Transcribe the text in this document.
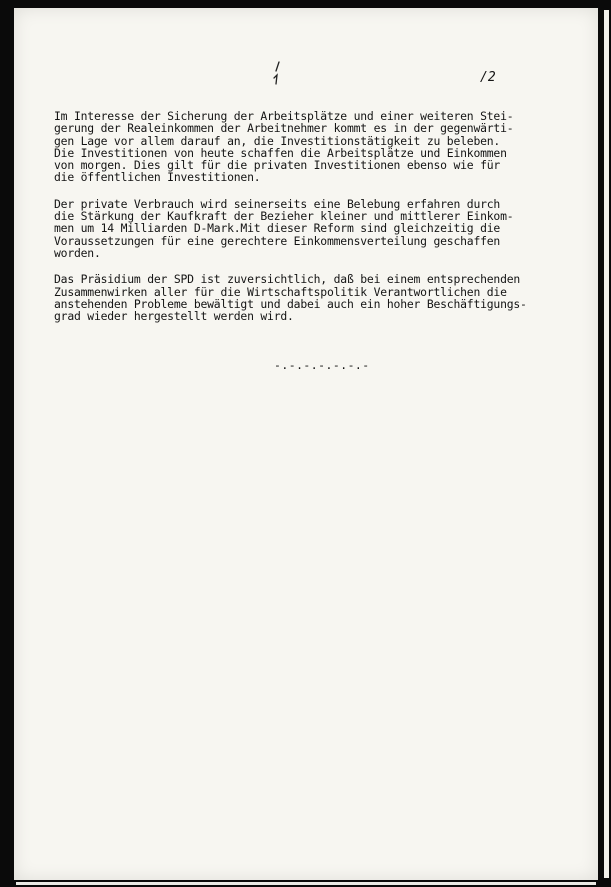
/2
Im Interesse der Sicherung der Arbeitsplätze und einer weiteren Stei-
gerung der Realeinkommen der Arbeitnehmer kommt es in der gegenwärti-
gen Lage vor allem darauf an, die Investitionstätigkeit zu beleben.
Die Investitionen von heute schaffen die Arbeitsplätze und Einkommen
von morgen. Dies gilt für die privaten Investitionen ebenso wie für
die öffentlichen Investitionen.
Der private Verbrauch wird seinerseits eine Belebung erfahren durch
die Stärkung der Kaufkraft der Bezieher kleiner und mittlerer Einkom-
men um 14 Milliarden D-Mark.Mit dieser Reform sind gleichzeitig die
Voraussetzungen für eine gerechtere Einkommensverteilung geschaffen
worden.
Das Präsidium der SPD ist zuversichtlich, daß bei einem entsprechenden
Zusammenwirken aller für die Wirtschaftspolitik Verantwortlichen die
anstehenden Probleme bewältigt und dabei auch ein hoher Beschäftigungs-
grad wieder hergestellt werden wird.
-.-.-.-.-.-.-
